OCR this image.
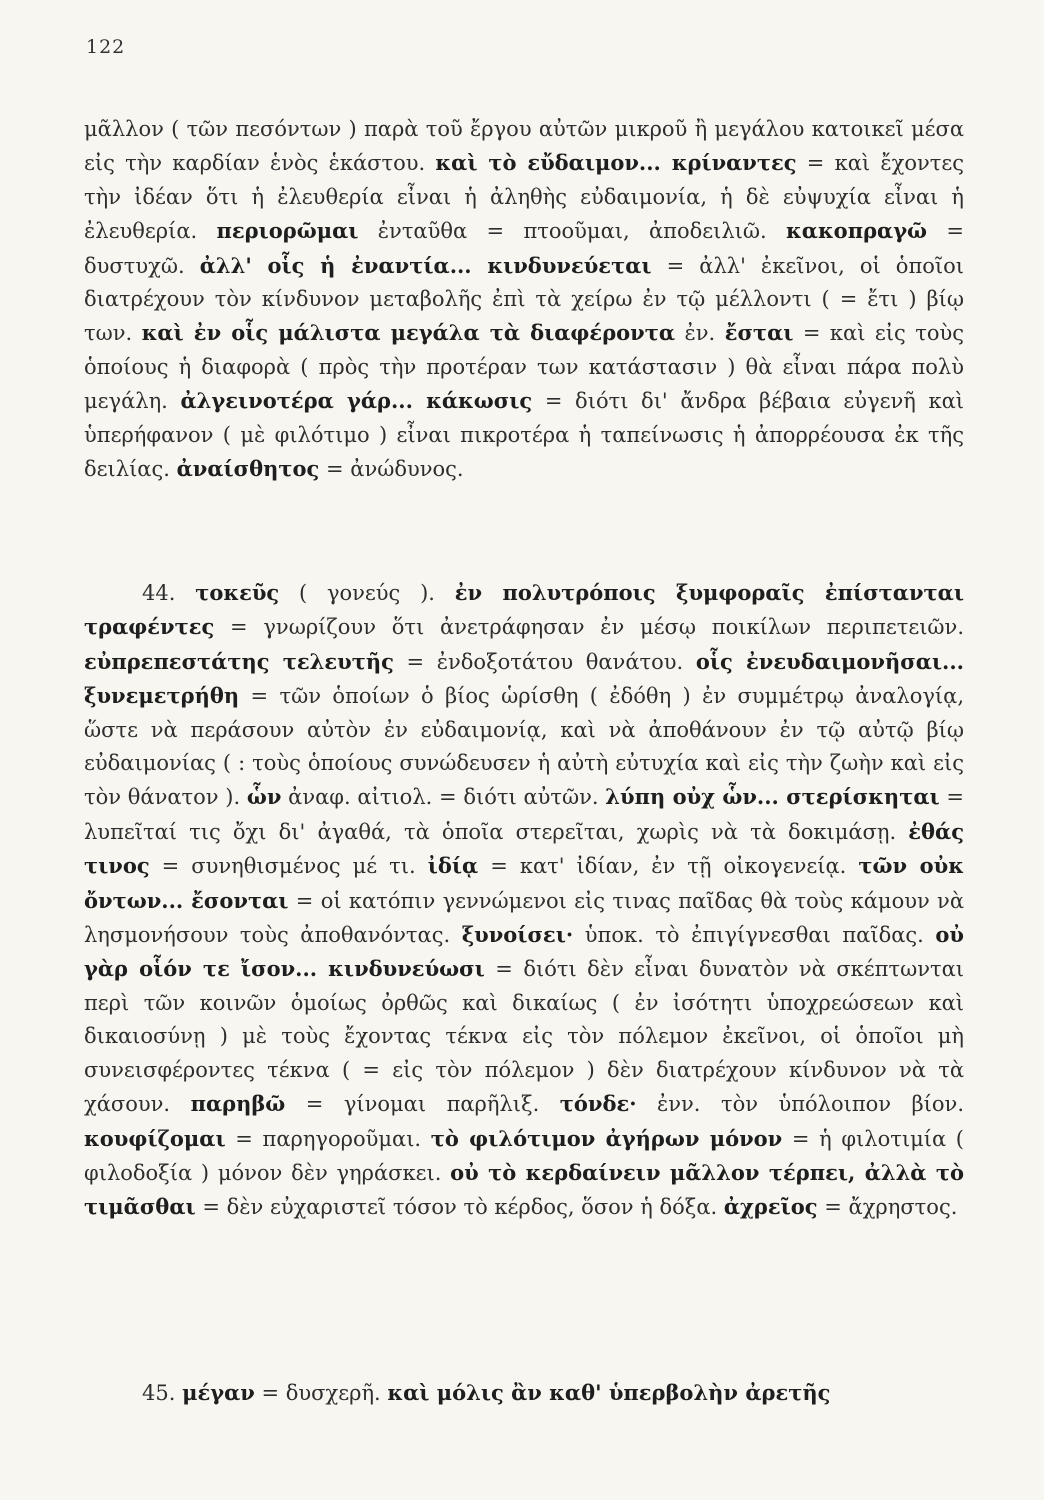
122
μᾶλλον ( τῶν πεσόντων ) παρὰ τοῦ ἔργου αὐτῶν μικροῦ ἢ μεγάλου κατοικεῖ μέσα εἰς τὴν καρδίαν ἑνὸς ἑκάστου. καὶ τὸ εὔδαιμον... κρίναντες = καὶ ἔχοντες τὴν ἰδέαν ὅτι ἡ ἐλευθερία εἶναι ἡ ἀληθὴς εὐδαιμονία, ἡ δὲ εὐψυχία εἶναι ἡ ἐλευθερία. περιορῶμαι ἐνταῦθα = πτοοῦμαι, ἀποδειλιῶ. κακοπραγῶ = δυστυχῶ. ἀλλ' οἷς ἡ ἐναντία... κινδυνεύεται = ἀλλ' ἐκεῖνοι, οἱ ὁποῖοι διατρέχουν τὸν κίνδυνον μεταβολῆς ἐπὶ τὰ χείρω ἐν τῷ μέλλοντι ( = ἔτι ) βίῳ των. καὶ ἐν οἷς μάλιστα μεγάλα τὰ διαφέροντα ἐν. ἔσται = καὶ εἰς τοὺς ὁποίους ἡ διαφορὰ ( πρὸς τὴν προτέραν των κατάστασιν ) θὰ εἶναι πάρα πολὺ μεγάλη. ἀλγεινοτέρα γάρ... κάκωσις = διότι δι' ἄνδρα βέβαια εὐγενῆ καὶ ὑπερήφανον ( μὲ φιλότιμο ) εἶναι πικροτέρα ἡ ταπείνωσις ἡ ἀπορρέουσα ἐκ τῆς δειλίας. ἀναίσθητος = ἀνώδυνος.
44. τοκεῦς ( γονεύς ). ἐν πολυτρόποις ξυμφοραῖς ἐπίστανται τραφέντες = γνωρίζουν ὅτι ἀνετράφησαν ἐν μέσῳ ποικίλων περιπετειῶν. εὐπρεπεστάτης τελευτῆς = ἐνδοξοτάτου θανάτου. οἷς ἐνευδαιμονῆσαι... ξυνεμετρήθη = τῶν ὁποίων ὁ βίος ὡρίσθη ( ἐδόθη ) ἐν συμμέτρῳ ἀναλογίᾳ, ὥστε νὰ περάσουν αὐτὸν ἐν εὐδαιμονίᾳ, καὶ νὰ ἀποθάνουν ἐν τῷ αὐτῷ βίῳ εὐδαιμονίας ( : τοὺς ὁποίους συνώδευσεν ἡ αὐτὴ εὐτυχία καὶ εἰς τὴν ζωὴν καὶ εἰς τὸν θάνατον ). ὧν ἀναφ. αἰτιολ. = διότι αὐτῶν. λύπη οὐχ ὧν... στερίσκηται = λυπεῖταί τις ὄχι δι' ἀγαθά, τὰ ὁποῖα στερεῖται, χωρὶς νὰ τὰ δοκιμάσῃ. ἐθάς τινος = συνηθισμένος μέ τι. ἰδίᾳ = κατ' ἰδίαν, ἐν τῇ οἰκογενείᾳ. τῶν οὐκ ὄντων... ἔσονται = οἱ κατόπιν γεννώμενοι εἰς τινας παῖδας θὰ τοὺς κάμουν νὰ λησμονήσουν τοὺς ἀποθανόντας. ξυνοίσει· ὑποκ. τὸ ἐπιγίγνεσθαι παῖδας. οὐ γὰρ οἷόν τε ἴσον... κινδυνεύωσι = διότι δὲν εἶναι δυνατὸν νὰ σκέπτωνται περὶ τῶν κοινῶν ὁμοίως ὀρθῶς καὶ δικαίως ( ἐν ἰσότητι ὑποχρεώσεων καὶ δικαιοσύνῃ ) μὲ τοὺς ἔχοντας τέκνα εἰς τὸν πόλεμον ἐκεῖνοι, οἱ ὁποῖοι μὴ συνεισφέροντες τέκνα ( = εἰς τὸν πόλεμον ) δὲν διατρέχουν κίνδυνον νὰ τὰ χάσουν. παρηβῶ = γίνομαι παρῆλιξ. τόνδε· ἐνν. τὸν ὑπόλοιπον βίον. κουφίζομαι = παρηγοροῦμαι. τὸ φιλότιμον ἀγήρων μόνον = ἡ φιλοτιμία ( φιλοδοξία ) μόνον δὲν γηράσκει. οὐ τὸ κερδαίνειν μᾶλλον τέρπει, ἀλλὰ τὸ τιμᾶσθαι = δὲν εὐχαριστεῖ τόσον τὸ κέρδος, ὅσον ἡ δόξα. ἀχρεῖος = ἄχρηστος.
45. μέγαν = δυσχερῆ. καὶ μόλις ἂν καθ' ὑπερβολὴν ἀρετῆς
